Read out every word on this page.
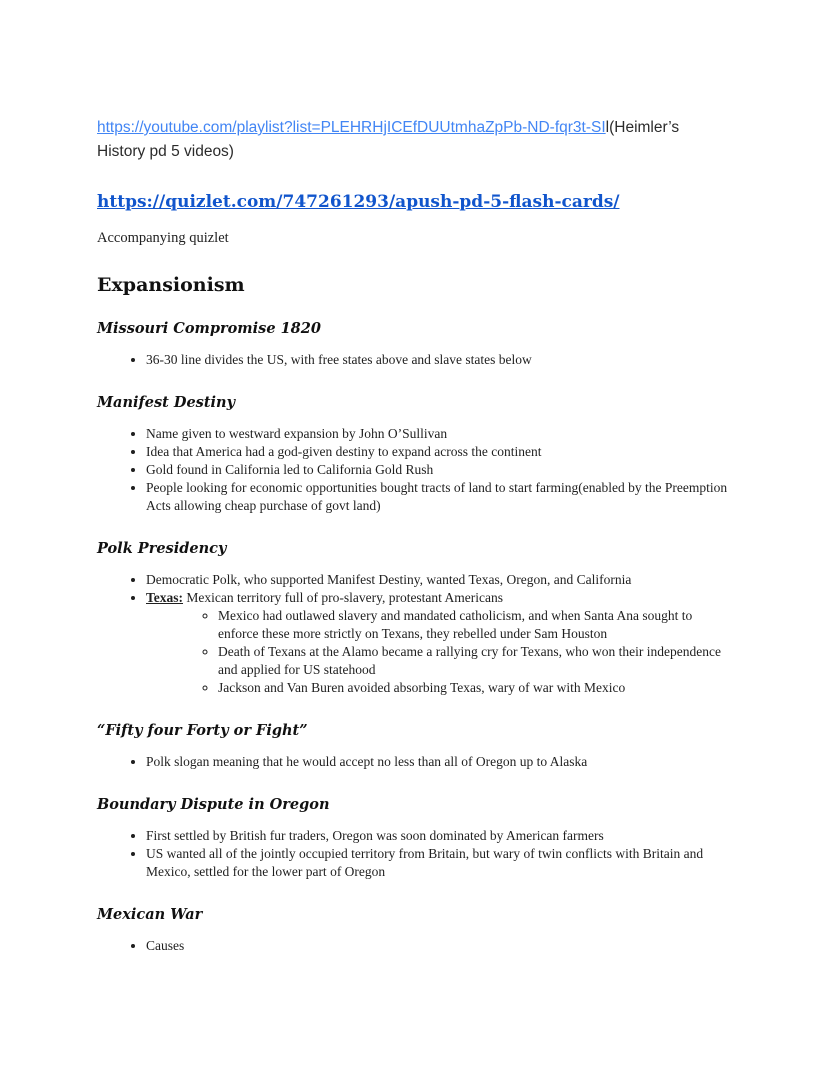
https://youtube.com/playlist?list=PLEHRHjICEfDUUtmhaZpPb-ND-fqr3t-SIl(Heimler’s History pd 5 videos)

https://quizlet.com/747261293/apush-pd-5-flash-cards/

Accompanying quizlet

Expansionism
Missouri Compromise 1820
• 36-30 line divides the US, with free states above and slave states below
Manifest Destiny
• Name given to westward expansion by John O’Sullivan
• Idea that America had a god-given destiny to expand across the continent
• Gold found in California led to California Gold Rush
• People looking for economic opportunities bought tracts of land to start farming(enabled by the Preemption Acts allowing cheap purchase of govt land)
Polk Presidency
• Democratic Polk, who supported Manifest Destiny, wanted Texas, Oregon, and California
• Texas: Mexican territory full of pro-slavery, protestant Americans
◦ Mexico had outlawed slavery and mandated catholicism, and when Santa Ana sought to enforce these more strictly on Texans, they rebelled under Sam Houston
◦ Death of Texans at the Alamo became a rallying cry for Texans, who won their independence and applied for US statehood
◦ Jackson and Van Buren avoided absorbing Texas, wary of war with Mexico
“Fifty four Forty or Fight”
• Polk slogan meaning that he would accept no less than all of Oregon up to Alaska
Boundary Dispute in Oregon
• First settled by British fur traders, Oregon was soon dominated by American farmers
• US wanted all of the jointly occupied territory from Britain, but wary of twin conflicts with Britain and Mexico, settled for the lower part of Oregon
Mexican War
• Causes
